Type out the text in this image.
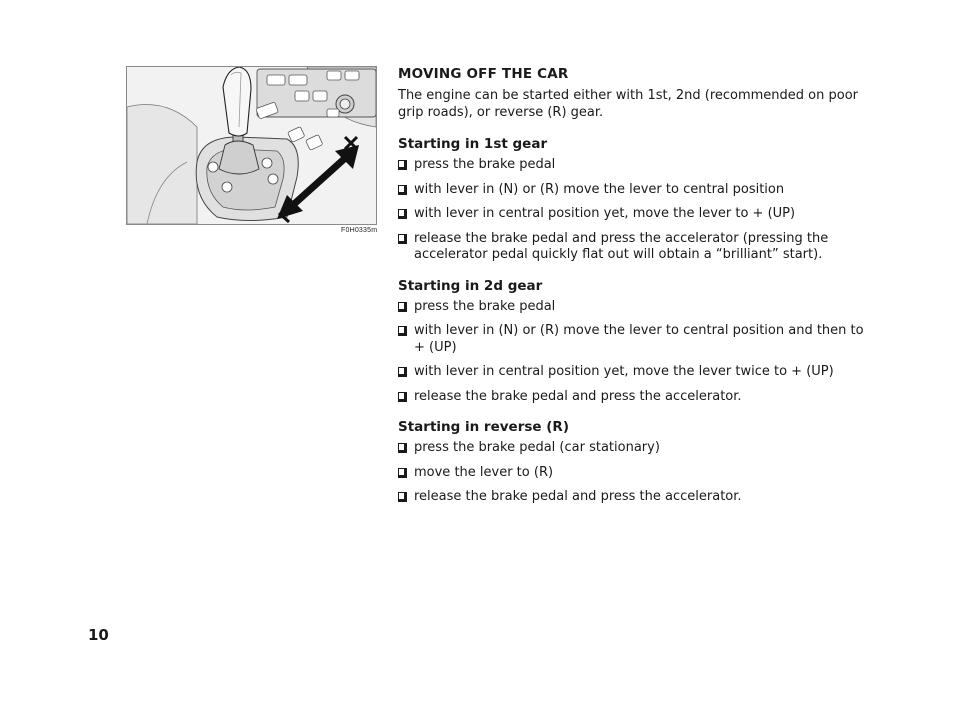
F0H0335m
MOVING OFF THE CAR
The engine can be started either with 1st, 2nd (recommended on poor grip roads), or reverse (R) gear.
Starting in 1st gear
press the brake pedal
with lever in (N) or (R) move the lever to central position
with lever in central position yet, move the lever to + (UP)
release the brake pedal and press the accelerator (pressing the accelerator pedal quickly flat out will obtain a “brilliant” start).
Starting in 2d gear
press the brake pedal
with lever in (N) or (R) move the lever to central position and then to + (UP)
with lever in central position yet, move the lever twice to + (UP)
release the brake pedal and press the accelerator.
Starting in reverse (R)
press the brake pedal (car stationary)
move the lever to (R)
release the brake pedal and press the accelerator.
10
